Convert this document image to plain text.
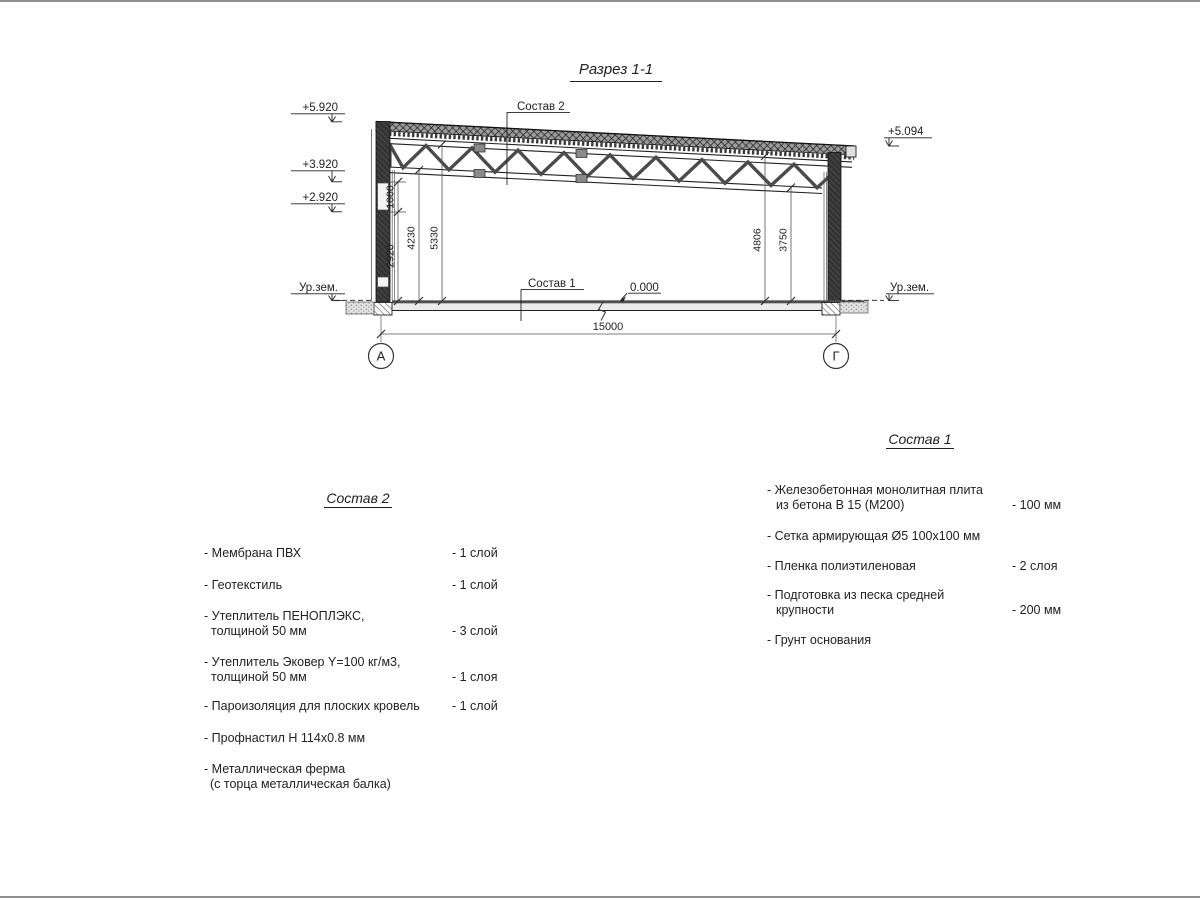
Разрез 1-1
1000
2920
4230 5330	4806 3750
15000
А	Г
+5.920
+3.920
+2.920
Ур.зем.
+5.094
Ур.зем.
0.000
Состав 2
Состав 1
Состав 2
- Мембрана ПВХ	- 1 слой
- Геотекстиль	- 1 слой
- Утеплитель ПЕНОПЛЭКС,
толщиной 50 мм	- 3 слой
- Утеплитель Эковер Y=100 кг/м3,
толщиной 50 мм	- 1 слоя
- Пароизоляция для плоских кровель	- 1 слой
- Профнастил Н 114х0.8 мм
- Металлическая ферма
(с торца металлическая балка)
Состав 1
- Железобетонная монолитная плита
из бетона В 15 (М200)	- 100 мм
- Сетка армирующая Ø5 100х100 мм
- Пленка полиэтиленовая	- 2 слоя
- Подготовка из песка средней
крупности	- 200 мм
- Грунт основания
